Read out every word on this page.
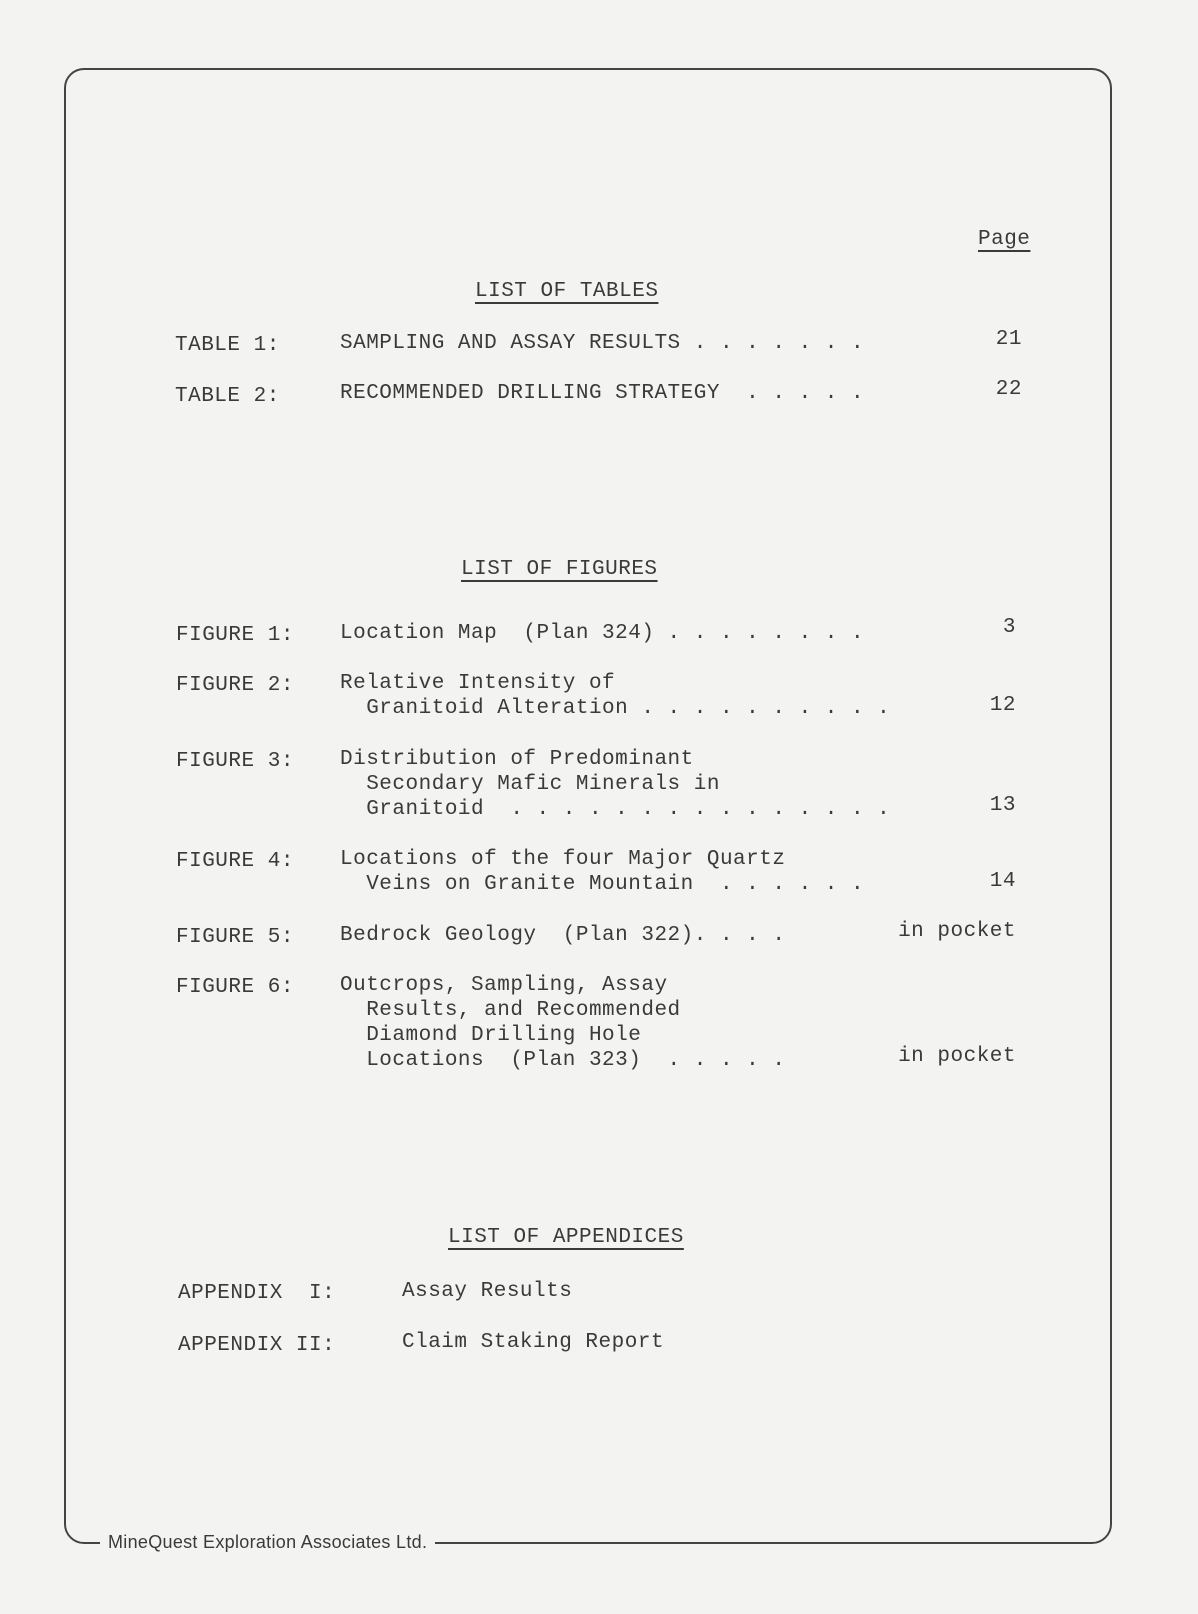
MineQuest Exploration Associates Ltd.
Page
LIST OF TABLES
TABLE 1:	SAMPLING AND ASSAY RESULTS . . . . . . .	21
TABLE 2:	RECOMMENDED DRILLING STRATEGY  . . . . .	22
LIST OF FIGURES
FIGURE 1: Location Map  (Plan 324) . . . . . . . .	3
FIGURE 2: Relative Intensity of
Granitoid Alteration . . . . . . . . . .	12
FIGURE 3: Distribution of Predominant
Secondary Mafic Minerals in
Granitoid  . . . . . . . . . . . . . . .	13
FIGURE 4: Locations of the four Major Quartz
Veins on Granite Mountain  . . . . . .	14
FIGURE 5: Bedrock Geology  (Plan 322). . . .	in pocket
FIGURE 6: Outcrops, Sampling, Assay
Results, and Recommended
Diamond Drilling Hole
Locations  (Plan 323)  . . . . .	in pocket
LIST OF APPENDICES
APPENDIX  I:	Assay Results
APPENDIX II:	Claim Staking Report
